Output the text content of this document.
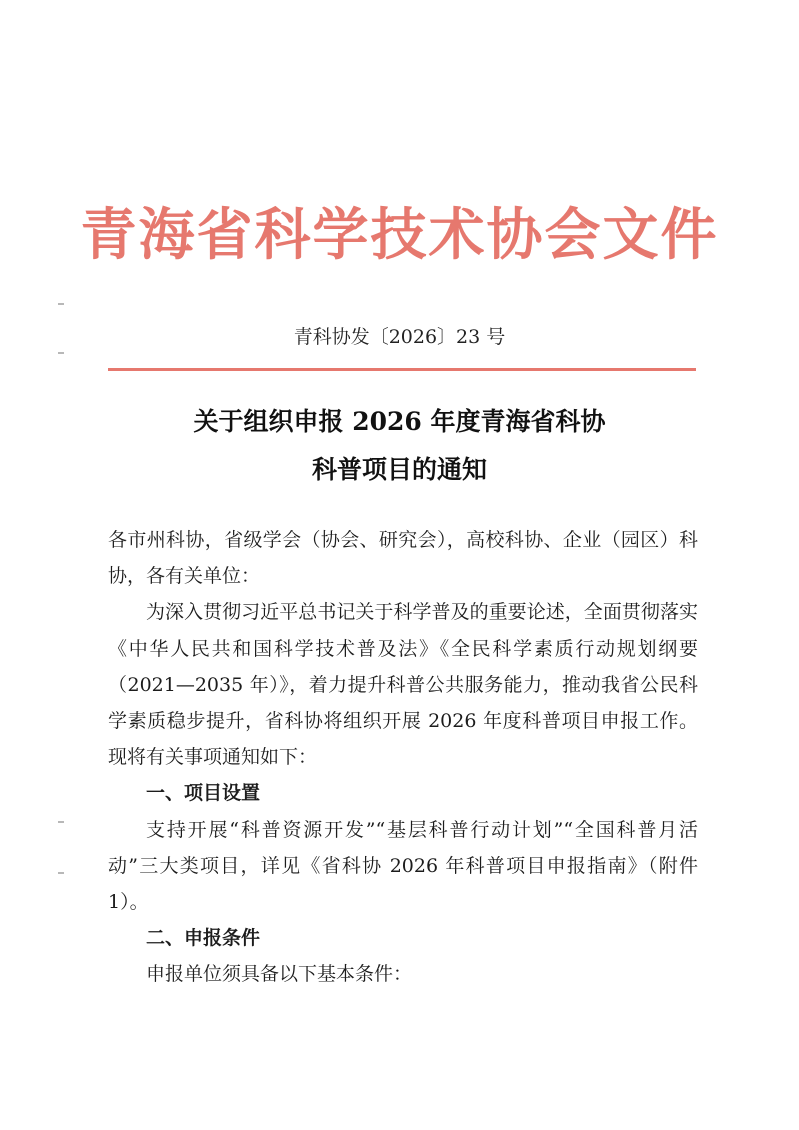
青海省科学技术协会文件
青科协发〔2026〕23 号
关于组织申报 2026 年度青海省科协
科普项目的通知

各市州科协，省级学会（协会、研究会），高校科协、企业（园区）科协，各有关单位：

为深入贯彻习近平总书记关于科学普及的重要论述，全面贯彻落实《中华人民共和国科学技术普及法》《全民科学素质行动规划纲要（2021—2035 年）》，着力提升科普公共服务能力，推动我省公民科学素质稳步提升，省科协将组织开展 2026 年度科普项目申报工作。现将有关事项通知如下：

一、项目设置

支持开展“科普资源开发”“基层科普行动计划”“全国科普月活动”三大类项目，详见《省科协 2026 年科普项目申报指南》（附件 1）。

二、申报条件

申报单位须具备以下基本条件：
